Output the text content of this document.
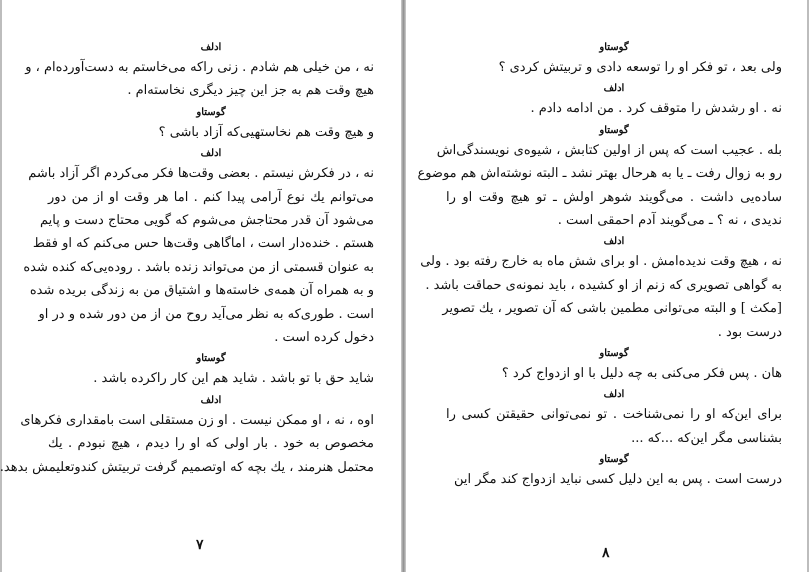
ادلف
نه ، من خیلی هم شادم . زنی راکه می‌خاستم به دست‌آورده‌ام ، و
هیچ وقت هم به جز این چیز دیگری نخاسته‌ام .
گوستاو
و هیچ وقت هم نخاستهیی‌که آزاد باشی ؟
ادلف
نه ، در فکرش نیستم . بعضی وقت‌ها فکر می‌کردم اگر آزاد باشم
می‌توانم یك نوع آرامی پیدا کنم . اما هر وقت او از من دور
می‌شود آن قدر محتاجش می‌شوم که گویی محتاج دست و پایم
هستم . خنده‌دار است ، اماگاهی وقت‌ها حس می‌کنم که او فقط
به عنوان قسمتی از من می‌تواند زنده باشد . روده‌یی‌که کنده شده
و به همراه آن همه‌ی خاسته‌ها و اشتیاق من به زندگی بریده شده
است . طوری‌که به نظر می‌آید روح من از من دور شده و در او
دخول کرده است .
گوستاو
شاید حق با تو باشد . شاید هم این کار راکرده باشد .
ادلف
اوه ، نه ، او ممکن نیست . او زن مستقلی است بامقداری فکرهای
مخصوص به خود . بار اولی که او را دیدم ، هیچ نبودم . یك
محتمل هنرمند ، یك بچه که اوتصمیم گرفت تربیتش کندوتعلیمش بدهد.
۷
گوستاو
ولی بعد ، تو فکر او را توسعه دادی و تربیتش کردی ؟
ادلف
نه . او رشدش را متوقف کرد . من ادامه دادم .
گوستاو
بله . عجیب است که پس از اولین کتابش ، شیوه‌ی نویسندگی‌اش
رو به زوال رفت ـ یا به هرحال بهتر نشد ـ البته نوشته‌اش هم موضوع
ساده‌یی داشت . می‌گویند شوهر اولش ـ تو هیچ وقت او را
ندیدی ، نه ؟ ـ می‌گویند آدم احمقی است .
ادلف
نه ، هیچ وقت ندیده‌امش . او برای شش ماه به خارج رفته بود . ولی
به گواهی تصویری که زنم از او کشیده ، باید نمونه‌ی حماقت باشد .
[مکث ] و البته می‌توانی مطمین باشی که آن تصویر ، یك تصویر
درست بود .
گوستاو
هان . پس فکر می‌کنی به چه دلیل با او ازدواج کرد ؟
ادلف
برای این‌که او را نمی‌شناخت . تو نمی‌توانی حقیقتن کسی را
بشناسی مگر این‌که ...که ...
گوستاو
درست است . پس به این دلیل کسی نباید ازدواج کند مگر این
۸
